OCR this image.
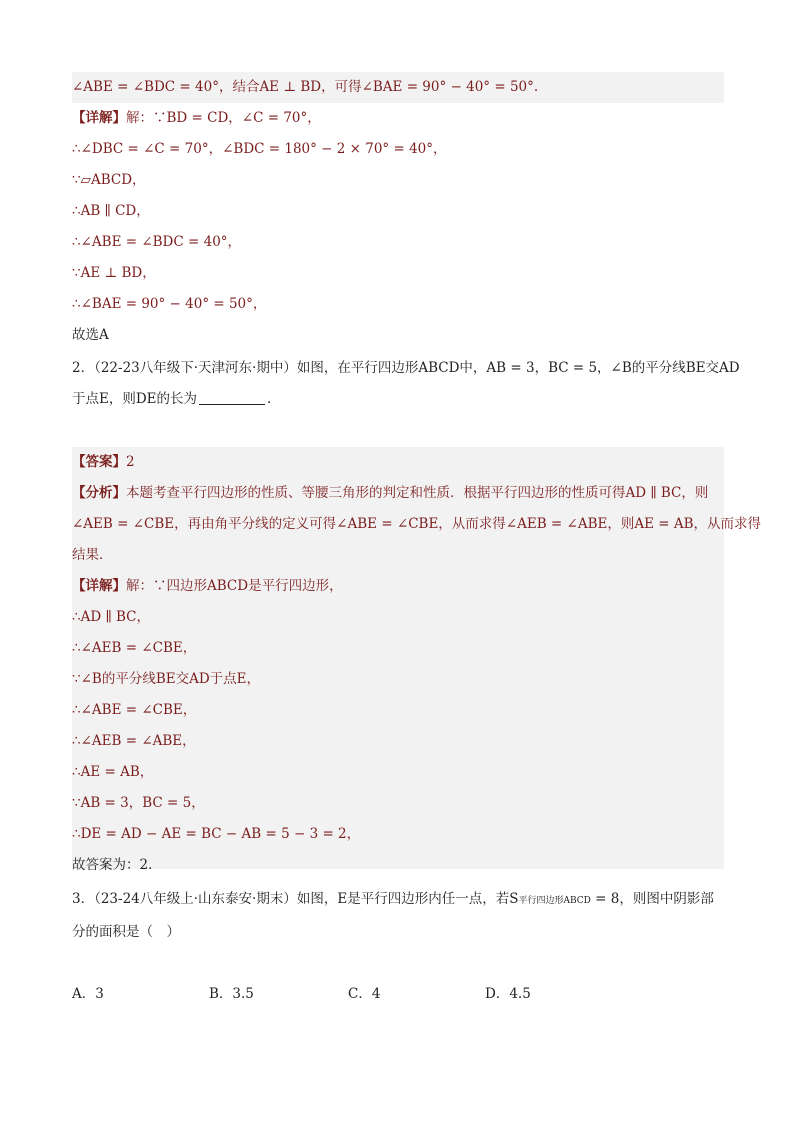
∠ABE = ∠BDC = 40°，结合AE ⊥ BD，可得∠BAE = 90° − 40° = 50°.
【详解】解：∵BD = CD，∠C = 70°，
∴∠DBC = ∠C = 70°，∠BDC = 180° − 2 × 70° = 40°，
∵▱ABCD，
∴AB ∥ CD，
∴∠ABE = ∠BDC = 40°，
∵AE ⊥ BD，
∴∠BAE = 90° − 40° = 50°，
故选A
2．（22-23八年级下·天津河东·期中）如图，在平行四边形ABCD中，AB = 3，BC = 5，∠B的平分线BE交AD
于点E，则DE的长为	.
【答案】2
【分析】本题考查平行四边形的性质、等腰三角形的判定和性质．根据平行四边形的性质可得AD ∥ BC，则
∠AEB = ∠CBE，再由角平分线的定义可得∠ABE = ∠CBE，从而求得∠AEB = ∠ABE，则AE = AB，从而求得
结果．
【详解】解：∵四边形ABCD是平行四边形，
∴AD ∥ BC，
∴∠AEB = ∠CBE，
∵∠B的平分线BE交AD于点E，
∴∠ABE = ∠CBE，
∴∠AEB = ∠ABE，
∴AE = AB，
∵AB = 3，BC = 5，
∴DE = AD − AE = BC − AB = 5 − 3 = 2，
故答案为：2．
3．（23-24八年级上·山东泰安·期末）如图，E是平行四边形内任一点，若S平行四边形ABCD = 8，则图中阴影部
分的面积是（　）
A．3	B．3.5	C．4	D．4.5
